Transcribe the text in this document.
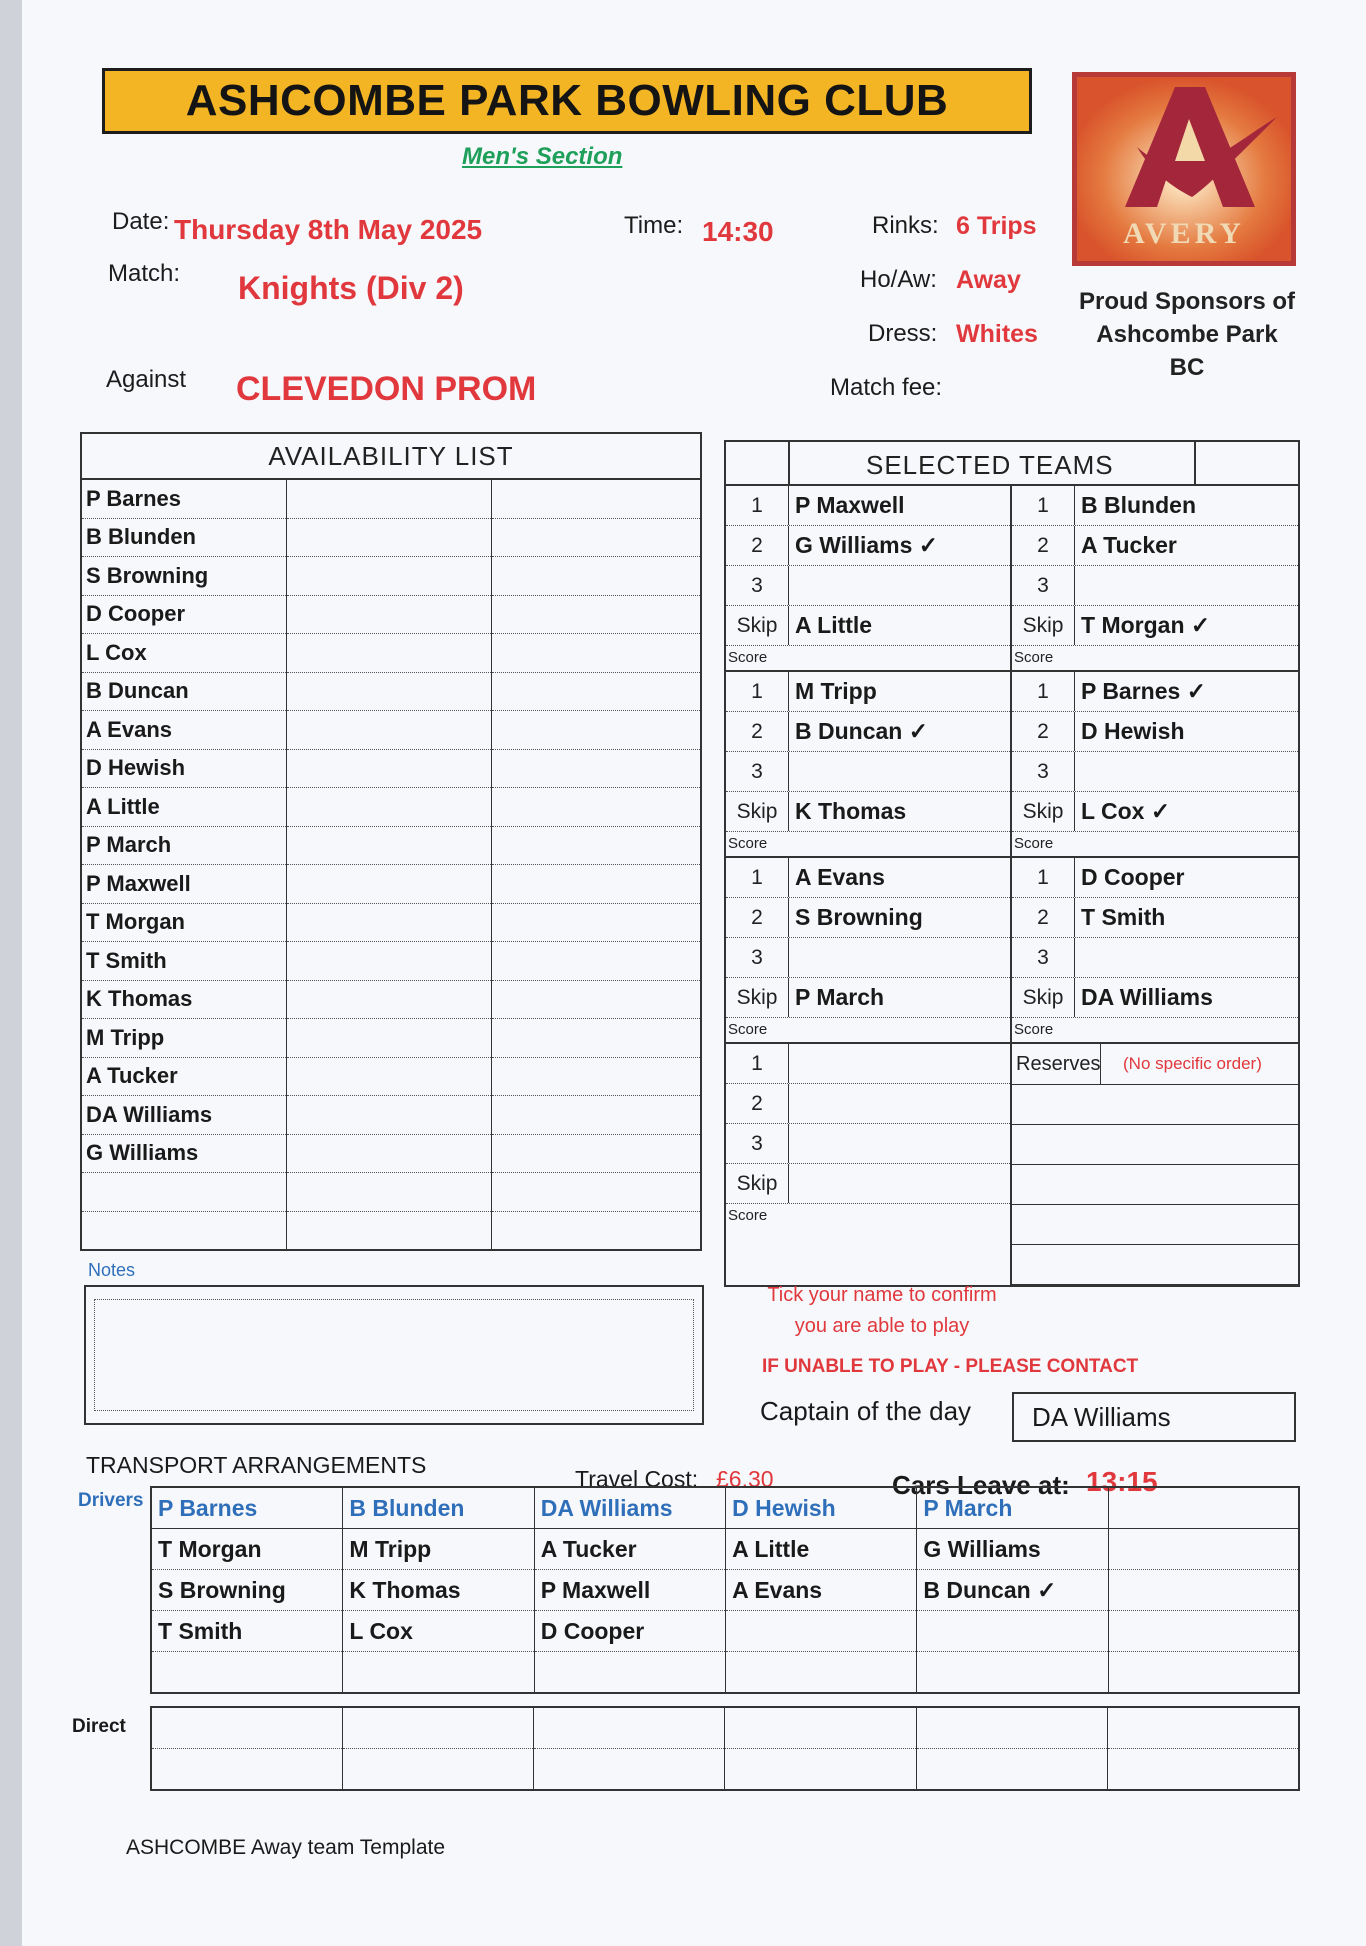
ASHCOMBE PARK BOWLING CLUB
Men's Section
AVERY
Proud Sponsors of
Ashcombe Park
BC
Date: Thursday 8th May 2025	Time: 14:30	Rinks: 6 Trips
Match: Knights (Div 2)	Ho/Aw: Away
Dress: Whites
Against CLEVEDON PROM	Match fee:
AVAILABILITY LIST		
P Barnes		
B Blunden		
S Browning		
D Cooper		
L Cox		
B Duncan		
A Evans		
D Hewish		
A Little		
P March		
P Maxwell		
T Morgan		
T Smith		
K Thomas		
M Tripp		
A Tucker		
DA Williams		
G Williams		

SELECTED TEAMS
1	P Maxwell
2	G Williams ✓
3
Skip A Little
Score
1	B Blunden
2	A Tucker
3
Skip T Morgan ✓
Score
1	M Tripp
2	B Duncan ✓
3
Skip K Thomas
Score
1	P Barnes ✓
2	D Hewish
3
Skip L Cox ✓
Score
1	A Evans
2	S Browning
3
Skip P March
Score
1	D Cooper
2	T Smith
3
Skip DA Williams
Score
1
2
3
Skip
Score
Reserves	(No specific order)
Tick your name to confirm
you are able to play
IF UNABLE TO PLAY - PLEASE CONTACT
Captain of the day	DA Williams
Notes
TRANSPORT ARRANGEMENTS
Travel Cost: £6.30	Cars Leave at: 13:15
Drivers P Barnes	B Blunden	DA Williams	D Hewish	P March	
T Morgan	M Tripp	A Tucker	A Little	G Williams	
S Browning	K Thomas	P Maxwell	A Evans	B Duncan ✓	
T Smith	L Cox	D Cooper			

Direct

ASHCOMBE Away team Template
